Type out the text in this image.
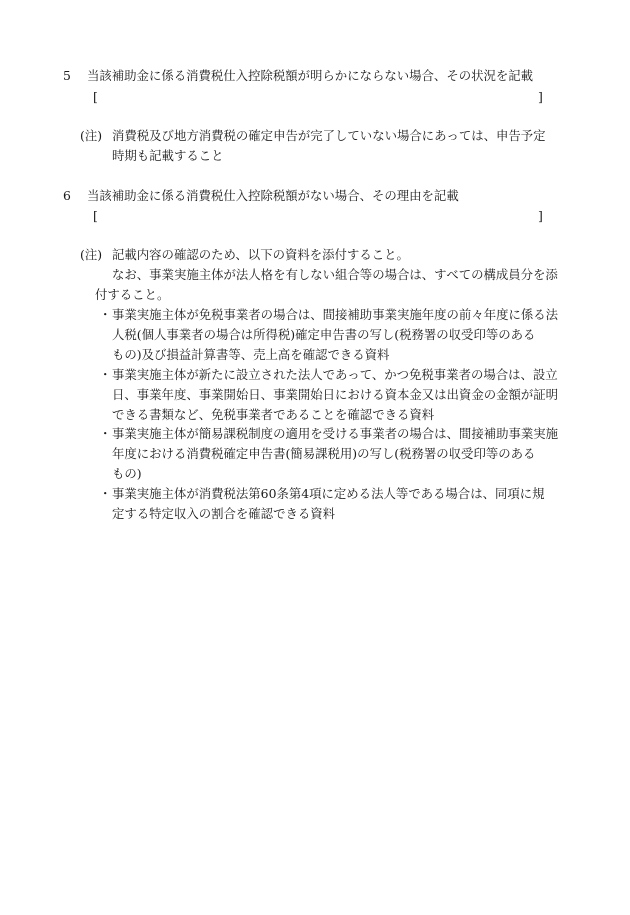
5 当該補助金に係る消費税仕入控除税額が明らかにならない場合、その状況を記載
[	]
(注) 消費税及び地方消費税の確定申告が完了していない場合にあっては、申告予定
時期も記載すること
6 当該補助金に係る消費税仕入控除税額がない場合、その理由を記載
[	]
(注) 記載内容の確認のため、以下の資料を添付すること。
なお、事業実施主体が法人格を有しない組合等の場合は、すべての構成員分を添
付すること。
・ 事業実施主体が免税事業者の場合は、間接補助事業実施年度の前々年度に係る法
人税(個人事業者の場合は所得税)確定申告書の写し(税務署の収受印等のある
もの)及び損益計算書等、売上高を確認できる資料
・ 事業実施主体が新たに設立された法人であって、かつ免税事業者の場合は、設立
日、事業年度、事業開始日、事業開始日における資本金又は出資金の金額が証明
できる書類など、免税事業者であることを確認できる資料
・ 事業実施主体が簡易課税制度の適用を受ける事業者の場合は、間接補助事業実施
年度における消費税確定申告書(簡易課税用)の写し(税務署の収受印等のある
もの)
・ 事業実施主体が消費税法第60条第4項に定める法人等である場合は、同項に規
定する特定収入の割合を確認できる資料
